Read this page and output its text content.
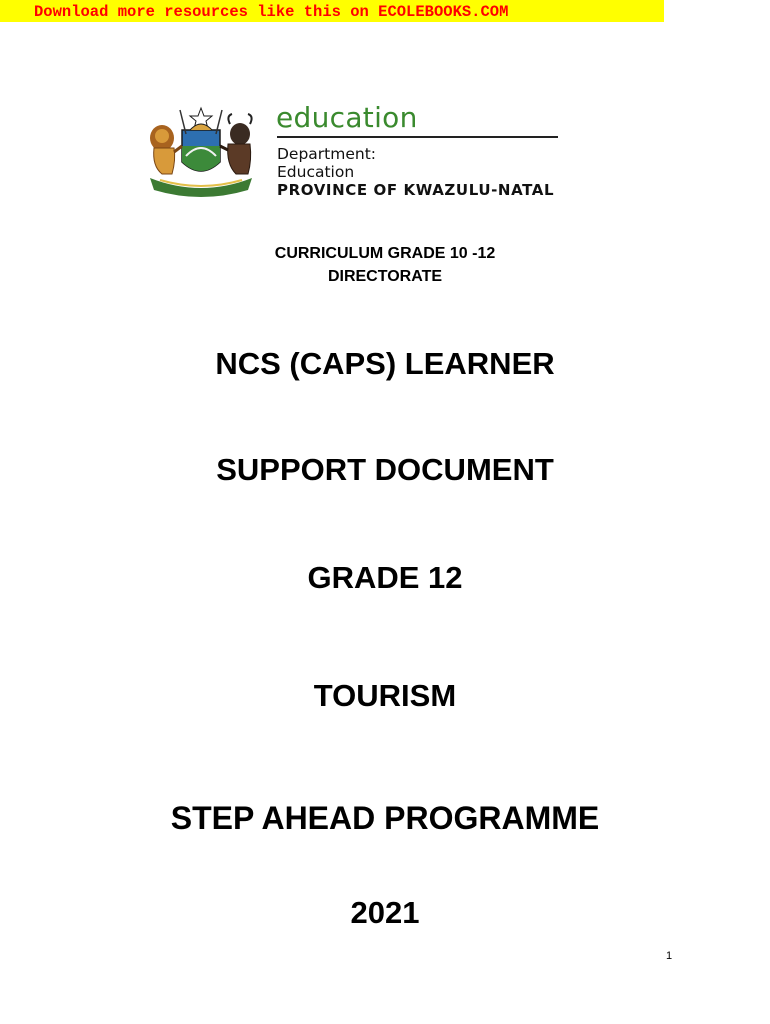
Download more resources like this on ECOLEBOOKS.COM
education
Department:
Education
PROVINCE OF KWAZULU-NATAL
CURRICULUM GRADE 10 -12
DIRECTORATE
NCS (CAPS) LEARNER
SUPPORT DOCUMENT
GRADE 12
TOURISM
STEP AHEAD PROGRAMME
2021
1
